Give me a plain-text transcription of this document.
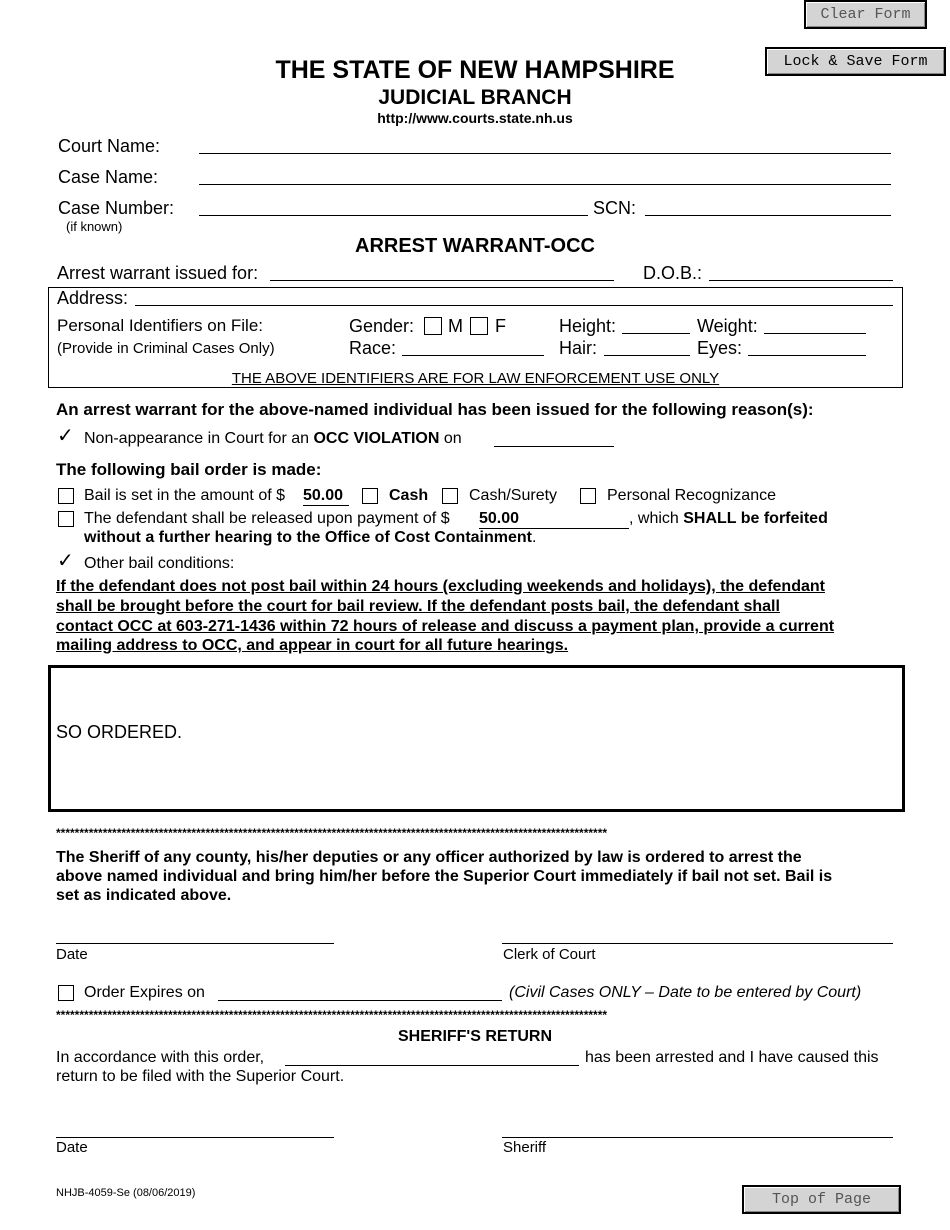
Clear Form
Lock & Save Form
THE STATE OF NEW HAMPSHIRE
JUDICIAL BRANCH
http://www.courts.state.nh.us
Court Name:
Case Name:
Case Number:
(if known)
SCN:
ARREST WARRANT-OCC
Arrest warrant issued for:	D.O.B.:
Address:
Personal Identifiers on File:
(Provide in Criminal Cases Only)
Gender: M F	Height:	Weight:
Race:	Hair:	Eyes:
THE ABOVE IDENTIFIERS ARE FOR LAW ENFORCEMENT USE ONLY
An arrest warrant for the above-named individual has been issued for the following reason(s):
✓ Non-appearance in Court for an OCC VIOLATION on
The following bail order is made:
Bail is set in the amount of $ 50.00	Cash	Cash/Surety	Personal Recognizance
The defendant shall be released upon payment of $ 50.00	, which SHALL be forfeited
without a further hearing to the Office of Cost Containment.
✓ Other bail conditions:
If the defendant does not post bail within 24 hours (excluding weekends and holidays), the defendant
shall be brought before the court for bail review. If the defendant posts bail, the defendant shall
contact OCC at 603-271-1436 within 72 hours of release and discuss a payment plan, provide a current
mailing address to OCC, and appear in court for all future hearings.
SO ORDERED.
**********************************************************************************************************************
The Sheriff of any county, his/her deputies or any officer authorized by law is ordered to arrest the
above named individual and bring him/her before the Superior Court immediately if bail not set. Bail is
set as indicated above.
Date	Clerk of Court
Order Expires on	(Civil Cases ONLY – Date to be entered by Court)
**********************************************************************************************************************
SHERIFF'S RETURN
In accordance with this order,	has been arrested and I have caused this
return to be filed with the Superior Court.
Date	Sheriff
NHJB-4059-Se (08/06/2019)	Top of Page
